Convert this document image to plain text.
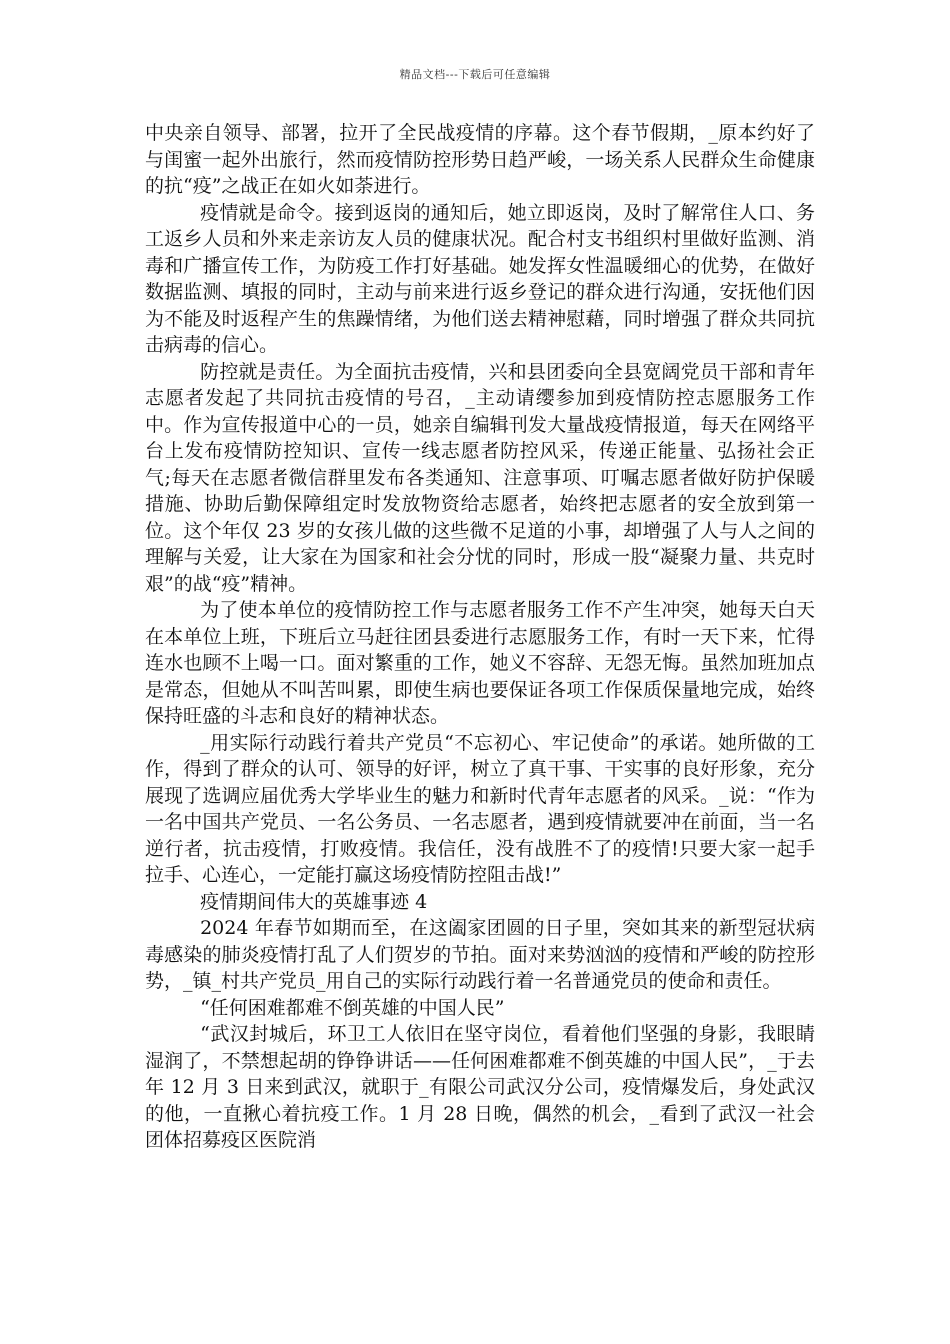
精品文档---下载后可任意编辑

中央亲自领导、部署，拉开了全民战疫情的序幕。这个春节假期，_原本约好了与闺蜜一起外出旅行，然而疫情防控形势日趋严峻，一场关系人民群众生命健康的抗“疫”之战正在如火如荼进行。

疫情就是命令。接到返岗的通知后，她立即返岗，及时了解常住人口、务工返乡人员和外来走亲访友人员的健康状况。配合村支书组织村里做好监测、消毒和广播宣传工作，为防疫工作打好基础。她发挥女性温暖细心的优势，在做好数据监测、填报的同时，主动与前来进行返乡登记的群众进行沟通，安抚他们因为不能及时返程产生的焦躁情绪，为他们送去精神慰藉，同时增强了群众共同抗击病毒的信心。

防控就是责任。为全面抗击疫情，兴和县团委向全县宽阔党员干部和青年志愿者发起了共同抗击疫情的号召，_主动请缨参加到疫情防控志愿服务工作中。作为宣传报道中心的一员，她亲自编辑刊发大量战疫情报道，每天在网络平台上发布疫情防控知识、宣传一线志愿者防控风采，传递正能量、弘扬社会正气;每天在志愿者微信群里发布各类通知、注意事项、叮嘱志愿者做好防护保暖措施、协助后勤保障组定时发放物资给志愿者，始终把志愿者的安全放到第一位。这个年仅 23 岁的女孩儿做的这些微不足道的小事，却增强了人与人之间的理解与关爱，让大家在为国家和社会分忧的同时，形成一股“凝聚力量、共克时艰”的战“疫”精神。

为了使本单位的疫情防控工作与志愿者服务工作不产生冲突，她每天白天在本单位上班，下班后立马赶往团县委进行志愿服务工作，有时一天下来，忙得连水也顾不上喝一口。面对繁重的工作，她义不容辞、无怨无悔。虽然加班加点是常态，但她从不叫苦叫累，即使生病也要保证各项工作保质保量地完成，始终保持旺盛的斗志和良好的精神状态。

_用实际行动践行着共产党员“不忘初心、牢记使命”的承诺。她所做的工作，得到了群众的认可、领导的好评，树立了真干事、干实事的良好形象，充分展现了选调应届优秀大学毕业生的魅力和新时代青年志愿者的风采。_说：“作为一名中国共产党员、一名公务员、一名志愿者，遇到疫情就要冲在前面，当一名逆行者，抗击疫情，打败疫情。我信任，没有战胜不了的疫情!只要大家一起手拉手、心连心，一定能打赢这场疫情防控阻击战!”

疫情期间伟大的英雄事迹 4

2024 年春节如期而至，在这阖家团圆的日子里，突如其来的新型冠状病毒感染的肺炎疫情打乱了人们贺岁的节拍。面对来势汹汹的疫情和严峻的防控形势，_镇_村共产党员_用自己的实际行动践行着一名普通党员的使命和责任。

“任何困难都难不倒英雄的中国人民”

“武汉封城后，环卫工人依旧在坚守岗位，看着他们坚强的身影，我眼睛湿润了，不禁想起胡的铮铮讲话——任何困难都难不倒英雄的中国人民”，_于去年 12 月 3 日来到武汉，就职于_有限公司武汉分公司，疫情爆发后，身处武汉的他，一直揪心着抗疫工作。1 月 28 日晚，偶然的机会，_看到了武汉一社会团体招募疫区医院消
